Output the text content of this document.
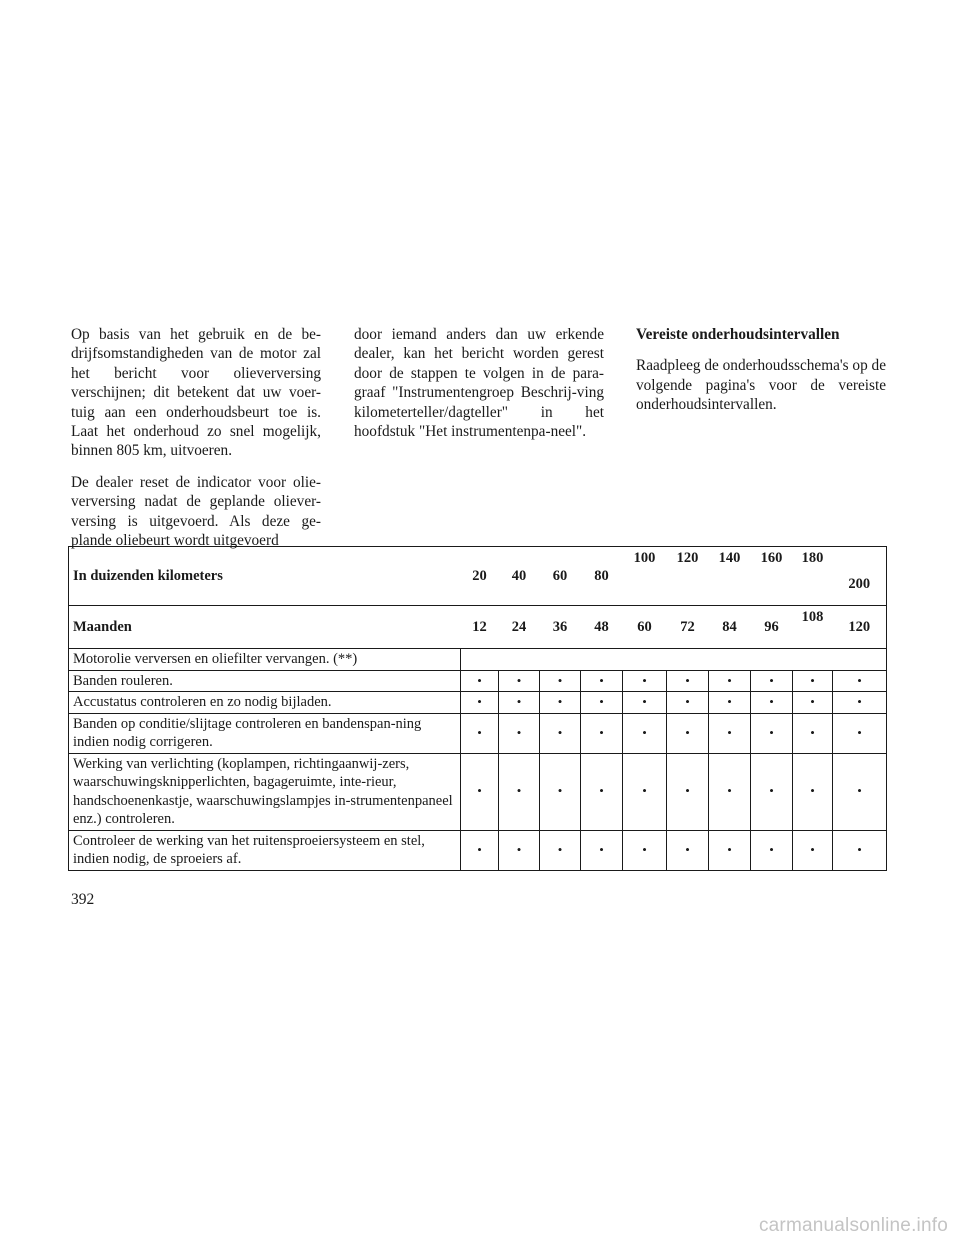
Op basis van het gebruik en de be-drijfsomstandigheden van de motor zal het bericht voor olieverversing verschijnen; dit betekent dat uw voer-tuig aan een onderhoudsbeurt toe is. Laat het onderhoud zo snel mogelijk, binnen 805 km, uitvoeren.

De dealer reset de indicator voor olie-verversing nadat de geplande oliever-versing is uitgevoerd. Als deze ge-plande oliebeurt wordt uitgevoerd

door iemand anders dan uw erkende dealer, kan het bericht worden gerest door de stappen te volgen in de para-graaf "Instrumentengroep Beschrij-ving kilometerteller/dagteller" in het hoofdstuk "Het instrumentenpa-neel".

Vereiste onderhoudsintervallen

Raadpleeg de onderhoudsschema's op de volgende pagina's voor de vereiste onderhoudsintervallen.

In duizenden kilometers	20	40	60	80	100	120	140	160	180	200
Maanden	12	24	36	48	60	72	84	96	108	120
Motorolie verversen en oliefilter vervangen. (**)										
Banden rouleren.	•	•	•	•	•	•	•	•	•	•
Accustatus controleren en zo nodig bijladen.	•	•	•	•	•	•	•	•	•	•
Banden op conditie/slijtage controleren en bandenspan-ning indien nodig corrigeren.	•	•	•	•	•	•	•	•	•	•
Werking van verlichting (koplampen, richtingaanwij-zers, waarschuwingsknipperlichten, bagageruimte, inte-rieur, handschoenenkastje, waarschuwingslampjes in-strumentenpaneel enz.) controleren.	•	•	•	•	•	•	•	•	•	•
Controleer de werking van het ruitensproeiersysteem en stel, indien nodig, de sproeiers af.	•	•	•	•	•	•	•	•	•	•
392
carmanualsonline.info
